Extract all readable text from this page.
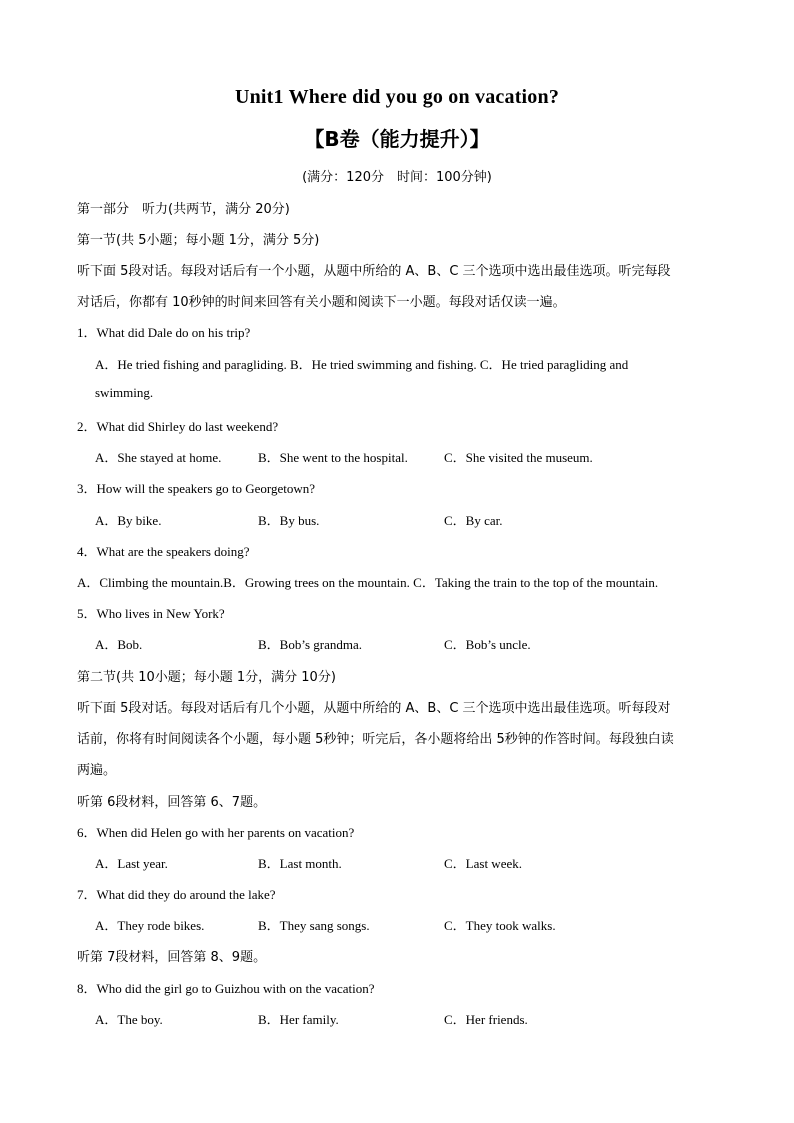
Unit1 Where did you go on vacation?
【B卷（能力提升）】
(满分：120分　时间：100分钟)
第一部分　听力(共两节，满分 20分)
第一节(共 5小题；每小题 1分，满分 5分)
听下面 5段对话。每段对话后有一个小题，从题中所给的 A、B、C 三个选项中选出最佳选项。听完每段
对话后，你都有 10秒钟的时间来回答有关小题和阅读下一小题。每段对话仅读一遍。
1．What did Dale do on his trip?
A．He tried fishing and paragliding. B．He tried swimming and fishing. C．He tried paragliding and
swimming.
2．What did Shirley do last weekend?
A．She stayed at home.	B．She went to the hospital.	C．She visited the museum.
3．How will the speakers go to Georgetown?
A．By bike.	B．By bus.	C．By car.
4．What are the speakers doing?
A．Climbing the mountain.B．Growing trees on the mountain. C．Taking the train to the top of the mountain.
5．Who lives in New York?
A．Bob.	B．Bob’s grandma.	C．Bob’s uncle.
第二节(共 10小题；每小题 1分，满分 10分)
听下面 5段对话。每段对话后有几个小题，从题中所给的 A、B、C 三个选项中选出最佳选项。听每段对
话前，你将有时间阅读各个小题，每小题 5秒钟；听完后，各小题将给出 5秒钟的作答时间。每段独白读
两遍。
听第 6段材料，回答第 6、7题。
6．When did Helen go with her parents on vacation?
A．Last year.	B．Last month.	C．Last week.
7．What did they do around the lake?
A．They rode bikes.	B．They sang songs.	C．They took walks.
听第 7段材料，回答第 8、9题。
8．Who did the girl go to Guizhou with on the vacation?
A．The boy.	B．Her family.	C．Her friends.
